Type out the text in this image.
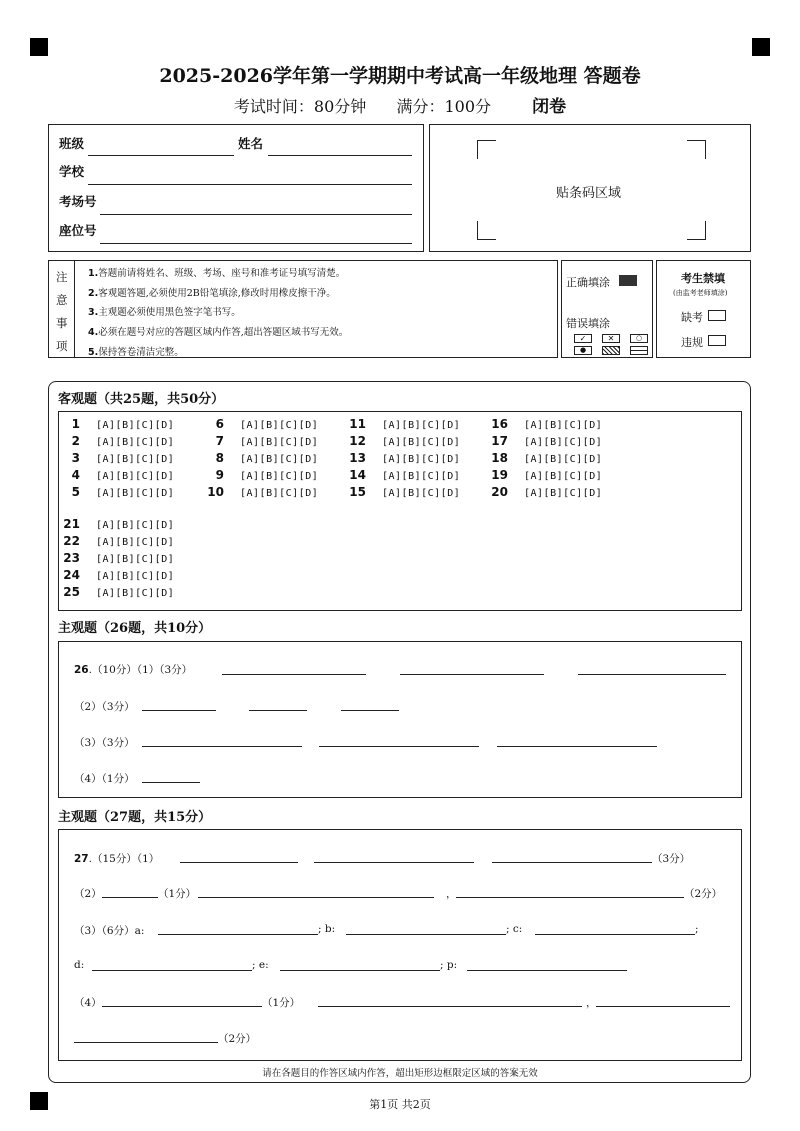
2025-2026学年第一学期期中考试高一年级地理 答题卷
考试时间：80分钟 满分：100分 闭卷
班级	姓名
学校
考场号
座位号
贴条码区域
注
意
事
项
1.答题前请将姓名、班级、考场、座号和准考证号填写清楚。
2.客观题答题,必须使用2B铅笔填涂,修改时用橡皮擦干净。
3.主观题必须使用黑色签字笔书写。
4.必须在题号对应的答题区域内作答,超出答题区域书写无效。
5.保持答卷清洁完整。
正确填涂
错误填涂
✓	✕	○
●
考生禁填
(由监考老师填涂)
缺考
违规
客观题（共25题，共50分）
1 [A][B][C][D]
2 [A][B][C][D]
3 [A][B][C][D]
4 [A][B][C][D]
5 [A][B][C][D]
6 [A][B][C][D]
7 [A][B][C][D]
8 [A][B][C][D]
9 [A][B][C][D]
10 [A][B][C][D]
11 [A][B][C][D]
12 [A][B][C][D]
13 [A][B][C][D]
14 [A][B][C][D]
15 [A][B][C][D]
16 [A][B][C][D]
17 [A][B][C][D]
18 [A][B][C][D]
19 [A][B][C][D]
20 [A][B][C][D]
21 [A][B][C][D]
22 [A][B][C][D]
23 [A][B][C][D]
24 [A][B][C][D]
25 [A][B][C][D]
主观题（26题，共10分）
26.（10分）（1）（3分）
（2）（3分）
（3）（3分）
（4）（1分）
主观题（27题，共15分）
27.（15分）（1）	（3分）
（2）	（1分）	，	（2分）
（3）（6分）a:	; b:	; c:	;
d:	; e:	; p:
（4）	（1分）	，
（2分）
请在各题目的作答区域内作答，超出矩形边框限定区域的答案无效
第1页 共2页
